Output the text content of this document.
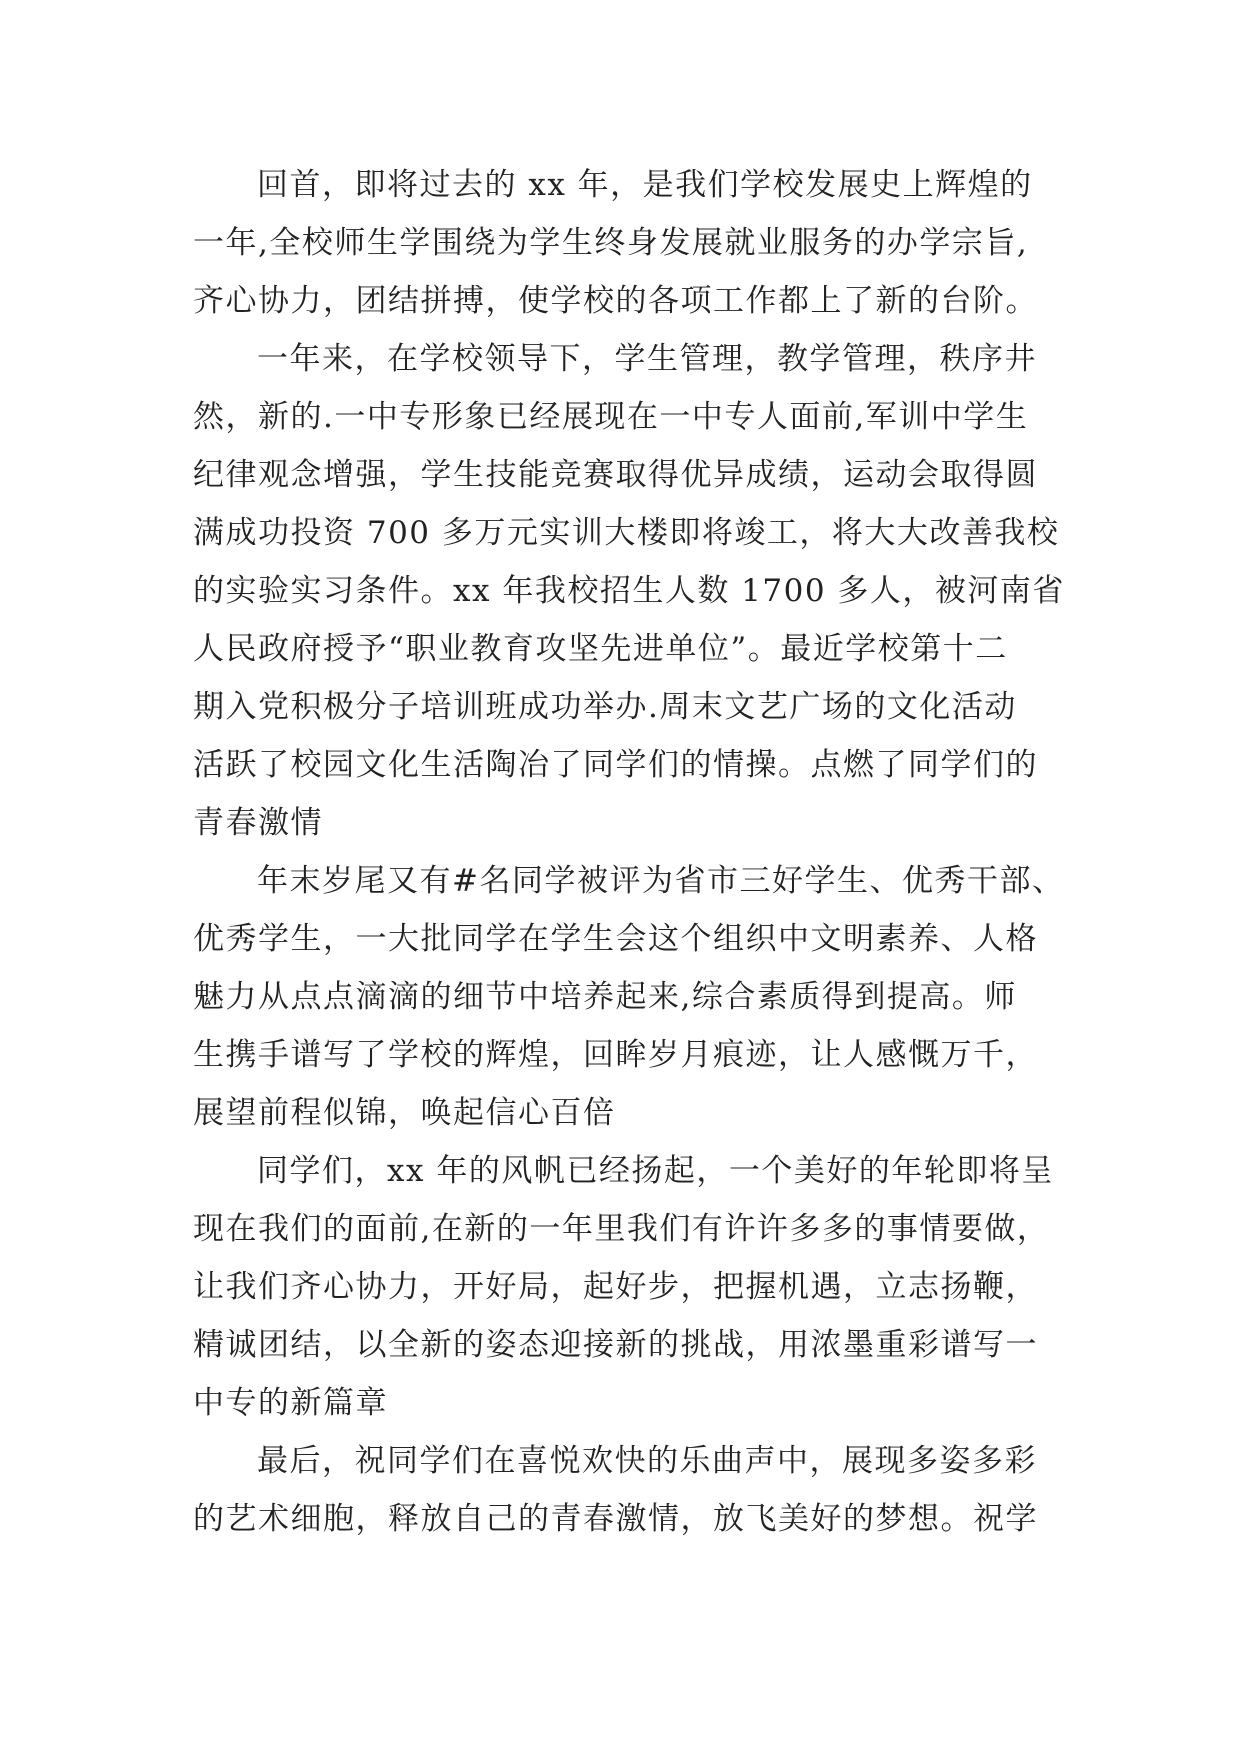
回首，即将过去的 xx 年，是我们学校发展史上辉煌的
一年,全校师生学围绕为学生终身发展就业服务的办学宗旨,
齐心协力，团结拼搏，使学校的各项工作都上了新的台阶。
一年来，在学校领导下，学生管理，教学管理，秩序井
然，新的.一中专形象已经展现在一中专人面前,军训中学生
纪律观念增强，学生技能竞赛取得优异成绩，运动会取得圆
满成功投资 700 多万元实训大楼即将竣工，将大大改善我校
的实验实习条件。xx 年我校招生人数 1700 多人，被河南省
人民政府授予“职业教育攻坚先进单位”。最近学校第十二
期入党积极分子培训班成功举办.周末文艺广场的文化活动
活跃了校园文化生活陶冶了同学们的情操。点燃了同学们的
青春激情
年末岁尾又有#名同学被评为省市三好学生、优秀干部、
优秀学生，一大批同学在学生会这个组织中文明素养、人格
魅力从点点滴滴的细节中培养起来,综合素质得到提高。师
生携手谱写了学校的辉煌，回眸岁月痕迹，让人感慨万千，
展望前程似锦，唤起信心百倍
同学们，xx 年的风帆已经扬起，一个美好的年轮即将呈
现在我们的面前,在新的一年里我们有许许多多的事情要做，
让我们齐心协力，开好局，起好步，把握机遇，立志扬鞭，
精诚团结，以全新的姿态迎接新的挑战，用浓墨重彩谱写一
中专的新篇章
最后，祝同学们在喜悦欢快的乐曲声中，展现多姿多彩
的艺术细胞，释放自己的青春激情，放飞美好的梦想。祝学
